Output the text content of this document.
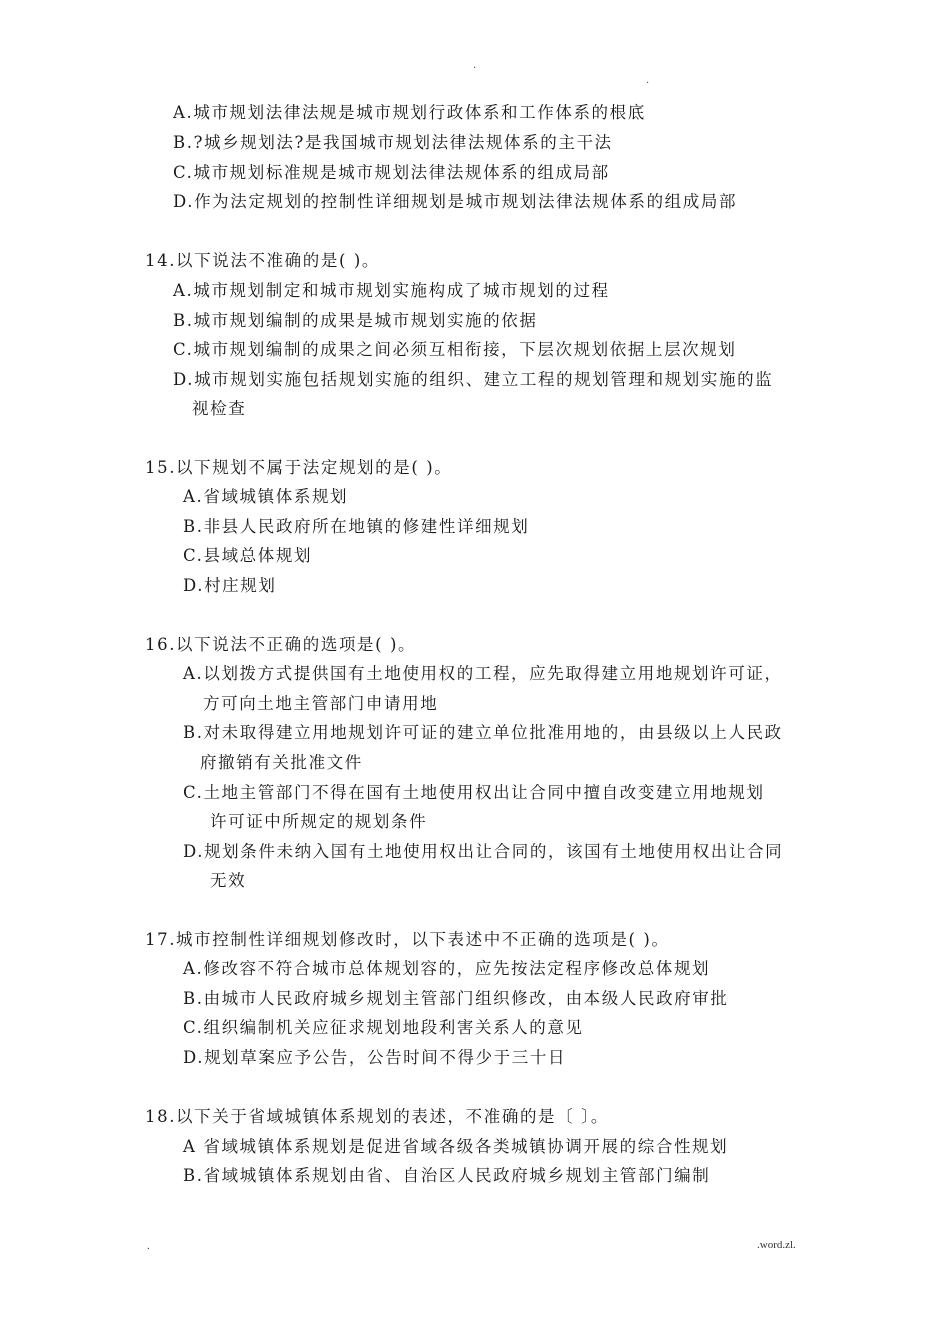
.
.
A.城市规划法律法规是城市规划行政体系和工作体系的根底
B.?城乡规划法?是我国城市规划法律法规体系的主干法
C.城市规划标准规是城市规划法律法规体系的组成局部
D.作为法定规划的控制性详细规划是城市规划法律法规体系的组成局部
14.以下说法不准确的是( )。
A.城市规划制定和城市规划实施构成了城市规划的过程
B.城市规划编制的成果是城市规划实施的依据
C.城市规划编制的成果之间必须互相衔接，下层次规划依据上层次规划
D.城市规划实施包括规划实施的组织、建立工程的规划管理和规划实施的监
视检查
15.以下规划不属于法定规划的是( )。
A.省域城镇体系规划
B.非县人民政府所在地镇的修建性详细规划
C.县域总体规划
D.村庄规划
16.以下说法不正确的选项是( )。
A.以划拨方式提供国有土地使用权的工程，应先取得建立用地规划许可证，
方可向土地主管部门申请用地
B.对未取得建立用地规划许可证的建立单位批准用地的，由县级以上人民政
府撤销有关批准文件
C.土地主管部门不得在国有土地使用权出让合同中擅自改变建立用地规划
许可证中所规定的规划条件
D.规划条件未纳入国有土地使用权出让合同的，该国有土地使用权出让合同
无效
17.城市控制性详细规划修改时，以下表述中不正确的选项是( )。
A.修改容不符合城市总体规划容的，应先按法定程序修改总体规划
B.由城市人民政府城乡规划主管部门组织修改，由本级人民政府审批
C.组织编制机关应征求规划地段利害关系人的意见
D.规划草案应予公告，公告时间不得少于三十日
18.以下关于省域城镇体系规划的表述，不准确的是〔 〕。
A 省域城镇体系规划是促进省域各级各类城镇协调开展的综合性规划
B.省域城镇体系规划由省、自治区人民政府城乡规划主管部门编制
.	.word.zl.
